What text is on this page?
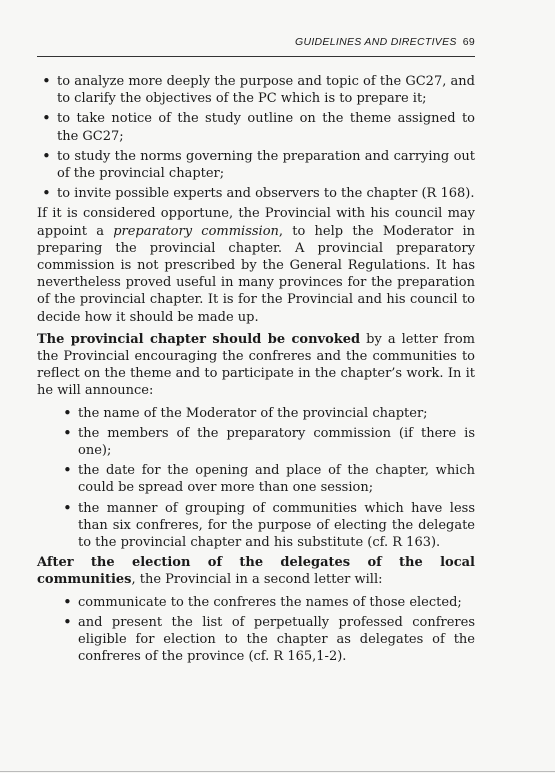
GUIDELINES AND DIRECTIVES 69
• to analyze more deeply the purpose and topic of the GC27, and to clarify the objectives of the PC which is to prepare it;
• to take notice of the study outline on the theme assigned to the GC27;
• to study the norms governing the preparation and carrying out of the provincial chapter;
• to invite possible experts and observers to the chapter (R 168).

If it is considered opportune, the Provincial with his council may appoint a preparatory commission, to help the Moderator in preparing the provincial chapter. A provincial preparatory commission is not prescribed by the General Regulations. It has nevertheless proved useful in many provinces for the preparation of the provincial chapter. It is for the Provincial and his council to decide how it should be made up.

The provincial chapter should be convoked by a letter from the Provincial encouraging the confreres and the communities to reflect on the theme and to participate in the chapter’s work. In it he will announce:

• the name of the Moderator of the provincial chapter;
• the members of the preparatory commission (if there is one);
• the date for the opening and place of the chapter, which could be spread over more than one session;
• the manner of grouping of communities which have less than six confreres, for the purpose of electing the delegate to the provincial chapter and his substitute (cf. R 163).

After the election of the delegates of the local communities, the Provincial in a second letter will:

• communicate to the confreres the names of those elected;
• and present the list of perpetually professed confreres eligible for election to the chapter as delegates of the confreres of the province (cf. R 165,1-2).
